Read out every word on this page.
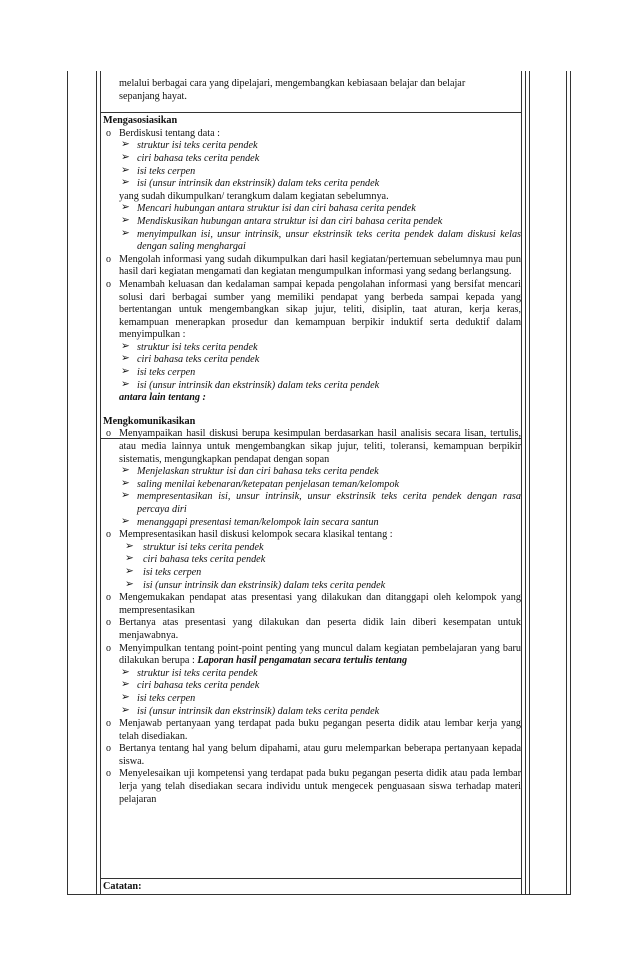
melalui berbagai cara yang dipelajari, mengembangkan kebiasaan belajar dan belajar

sepanjang hayat.

Mengasosiasikan

o Berdiskusi tentang data :
➢ struktur isi teks cerita pendek
➢ ciri bahasa teks cerita pendek
➢ isi teks cerpen
➢ isi (unsur intrinsik dan ekstrinsik) dalam teks cerita pendek

yang sudah dikumpulkan/ terangkum dalam kegiatan sebelumnya.

➢ Mencari hubungan antara struktur isi dan ciri bahasa cerita pendek
➢ Mendiskusikan hubungan antara struktur isi dan ciri bahasa cerita pendek
➢ menyimpulkan isi, unsur intrinsik, unsur ekstrinsik teks cerita pendek dalam diskusi kelas dengan saling menghargai
o Mengolah informasi yang sudah dikumpulkan dari hasil kegiatan/pertemuan sebelumnya mau pun hasil dari kegiatan mengamati dan kegiatan mengumpulkan informasi yang sedang berlangsung.
o Menambah keluasan dan kedalaman sampai kepada pengolahan informasi yang bersifat mencari solusi dari berbagai sumber yang memiliki pendapat yang berbeda sampai kepada yang bertentangan untuk mengembangkan sikap jujur, teliti, disiplin, taat aturan, kerja keras, kemampuan menerapkan prosedur dan kemampuan berpikir induktif serta deduktif dalam menyimpulkan :
➢ struktur isi teks cerita pendek
➢ ciri bahasa teks cerita pendek
➢ isi teks cerpen
➢ isi (unsur intrinsik dan ekstrinsik) dalam teks cerita pendek

antara lain tentang :

Mengkomunikasikan

o Menyampaikan hasil diskusi berupa kesimpulan berdasarkan hasil analisis secara lisan, tertulis, atau media lainnya untuk mengembangkan sikap jujur, teliti, toleransi, kemampuan berpikir sistematis, mengungkapkan pendapat dengan sopan
➢ Menjelaskan struktur isi dan ciri bahasa teks cerita pendek
➢ saling menilai kebenaran/ketepatan penjelasan teman/kelompok
➢ mempresentasikan isi, unsur intrinsik, unsur ekstrinsik teks cerita pendek dengan rasa percaya diri
➢ menanggapi presentasi teman/kelompok lain secara santun
o Mempresentasikan hasil diskusi kelompok secara klasikal tentang :
➢ struktur isi teks cerita pendek
➢ ciri bahasa teks cerita pendek
➢ isi teks cerpen
➢ isi (unsur intrinsik dan ekstrinsik) dalam teks cerita pendek
o Mengemukakan pendapat atas presentasi yang dilakukan dan ditanggapi oleh kelompok yang mempresentasikan
o Bertanya atas presentasi yang dilakukan dan peserta didik lain diberi kesempatan untuk menjawabnya.
o Menyimpulkan tentang point-point penting yang muncul dalam kegiatan pembelajaran yang baru dilakukan berupa : Laporan hasil pengamatan secara tertulis tentang
➢ struktur isi teks cerita pendek
➢ ciri bahasa teks cerita pendek
➢ isi teks cerpen
➢ isi (unsur intrinsik dan ekstrinsik) dalam teks cerita pendek
o Menjawab pertanyaan yang terdapat pada buku pegangan peserta didik atau lembar kerja yang telah disediakan.
o Bertanya tentang hal yang belum dipahami, atau guru melemparkan beberapa pertanyaan kepada siswa.
o Menyelesaikan uji kompetensi yang terdapat pada buku pegangan peserta didik atau pada lembar lerja yang telah disediakan secara individu untuk mengecek penguasaan siswa terhadap materi pelajaran

Catatan:
